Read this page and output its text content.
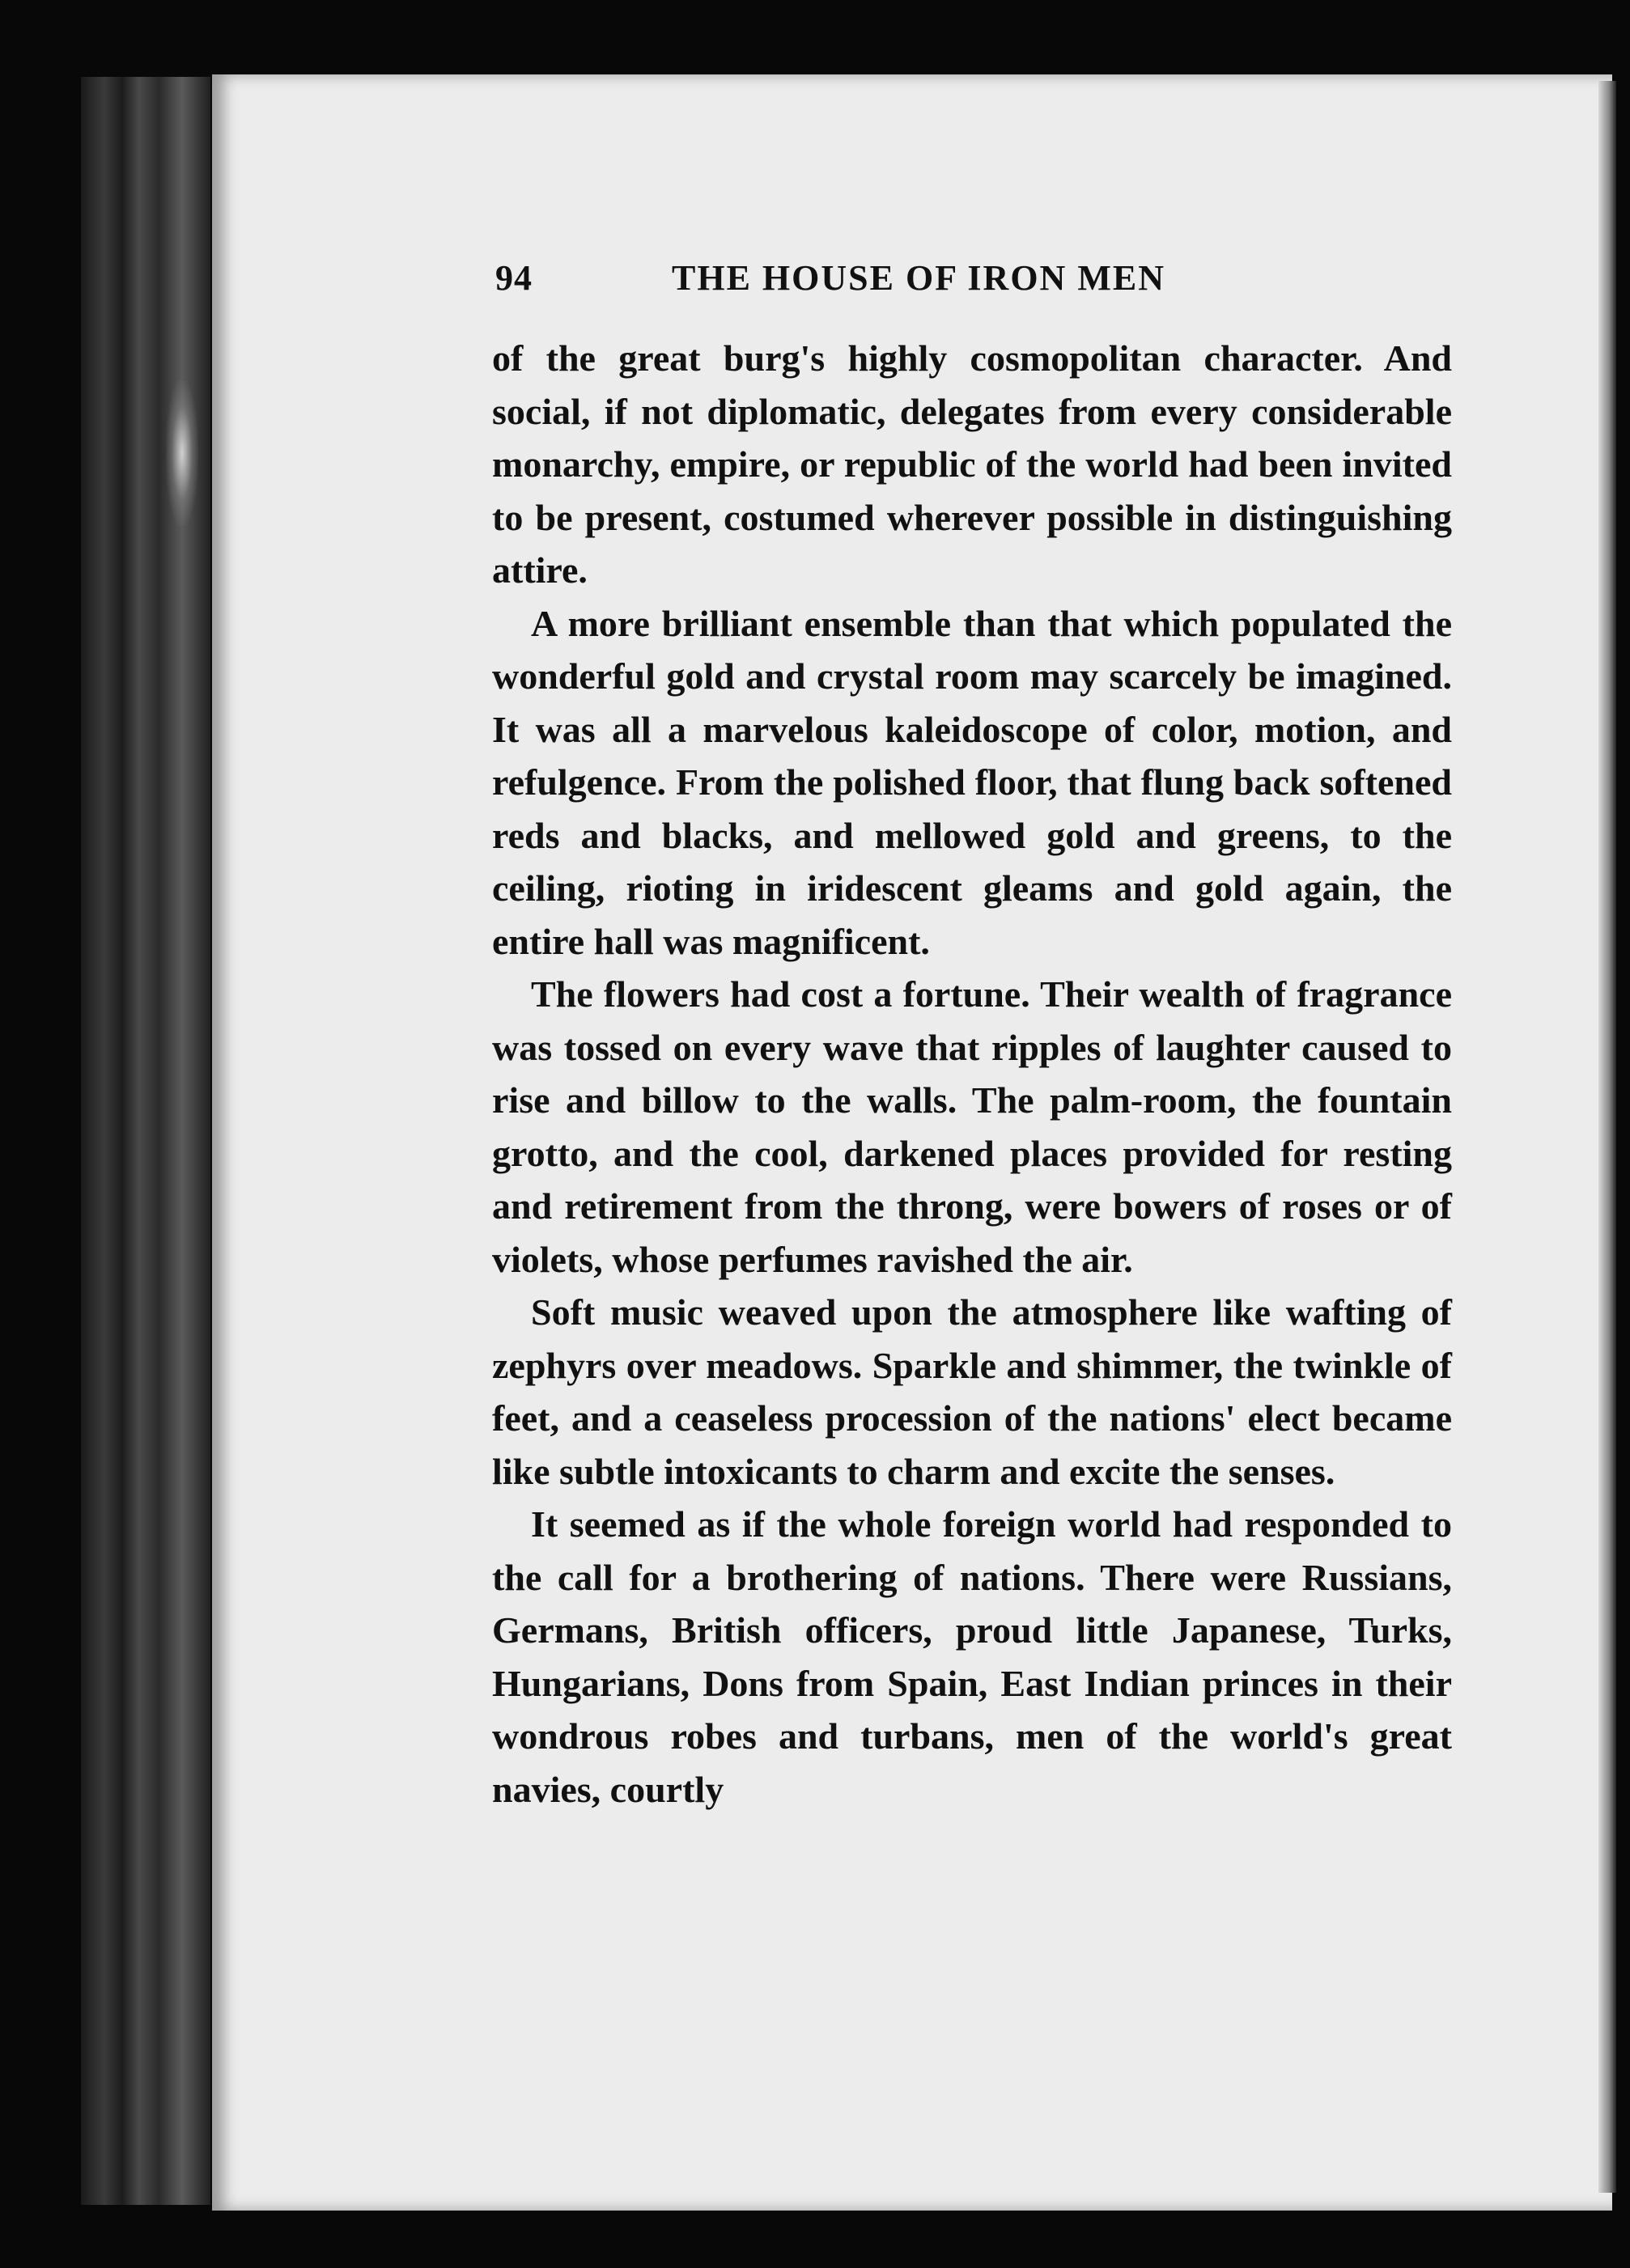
94	THE HOUSE OF IRON MEN

of the great burg's highly cosmopolitan character. And social, if not diplomatic, delegates from every considerable monarchy, empire, or republic of the world had been invited to be present, costumed wherever possible in distinguishing attire.

A more brilliant ensemble than that which populated the wonderful gold and crystal room may scarcely be imagined. It was all a marvelous kaleidoscope of color, motion, and refulgence. From the polished floor, that flung back softened reds and blacks, and mellowed gold and greens, to the ceiling, rioting in iridescent gleams and gold again, the entire hall was magnificent.

The flowers had cost a fortune. Their wealth of fragrance was tossed on every wave that ripples of laughter caused to rise and billow to the walls. The palm-room, the fountain grotto, and the cool, darkened places provided for resting and retirement from the throng, were bowers of roses or of violets, whose perfumes ravished the air.

Soft music weaved upon the atmosphere like wafting of zephyrs over meadows. Sparkle and shimmer, the twinkle of feet, and a ceaseless procession of the nations' elect became like subtle intoxicants to charm and excite the senses.

It seemed as if the whole foreign world had responded to the call for a brothering of nations. There were Russians, Germans, British officers, proud little Japanese, Turks, Hungarians, Dons from Spain, East Indian princes in their wondrous robes and turbans, men of the world's great navies, courtly
